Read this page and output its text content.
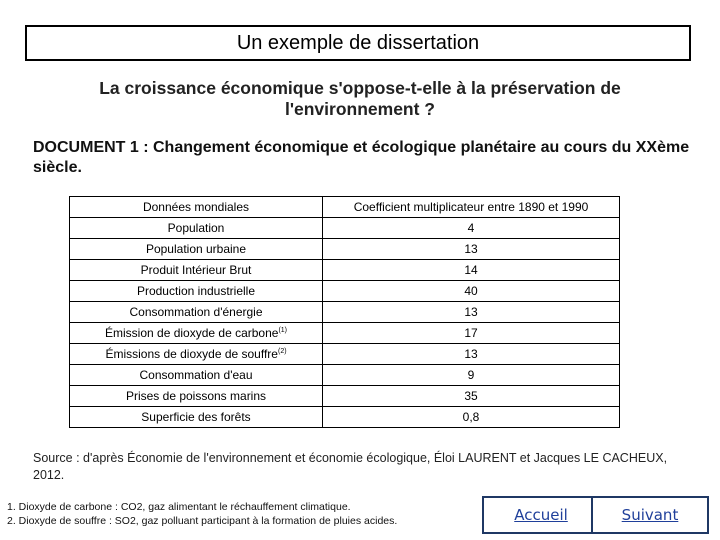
Un exemple de dissertation
La croissance économique s'oppose-t-elle à la préservation de l'environnement ?
DOCUMENT 1 : Changement économique et écologique planétaire au cours du XXème siècle.
Données mondiales	Coefficient multiplicateur entre 1890 et 1990
Population	4
Population urbaine	13
Produit Intérieur Brut	14
Production industrielle	40
Consommation d'énergie	13
Émission de dioxyde de carbone$^{(1)}$	17
Émissions de dioxyde de souffre$^{(2)}$	13
Consommation d'eau	9
Prises de poissons marins	35
Superficie des forêts	0,8
Source : d'après Économie de l'environnement et économie écologique, Éloi LAURENT et Jacques LE CACHEUX, 2012.
1. Dioxyde de carbone : CO2, gaz alimentant le réchauffement climatique.
2. Dioxyde de souffre : SO2, gaz polluant participant à la formation de pluies acides.	Accueil	Suivant
